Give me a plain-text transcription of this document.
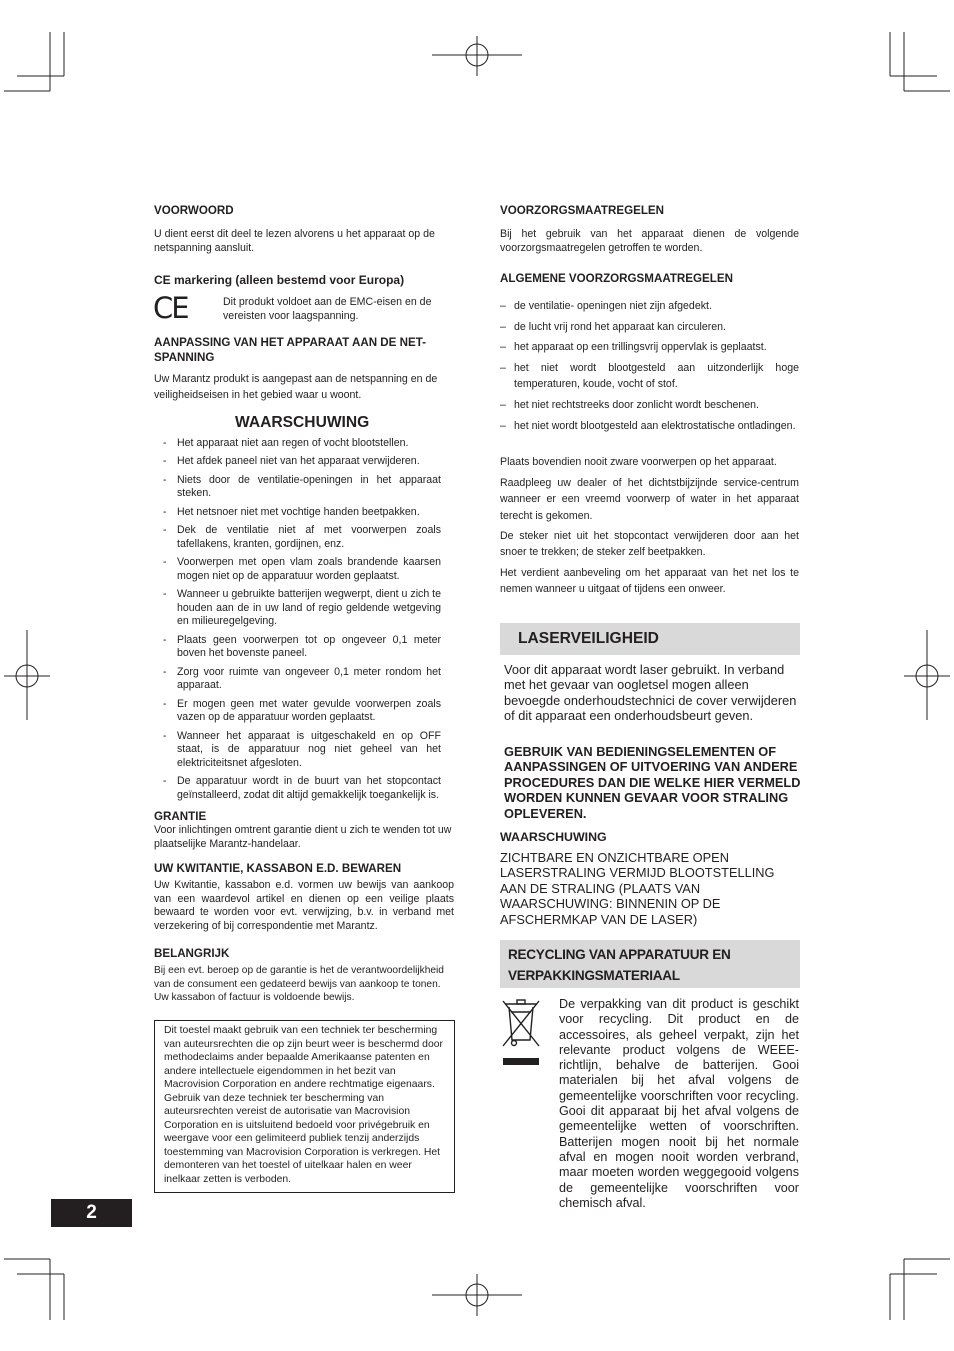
VOORWOORD
U dient eerst dit deel te lezen alvorens u het apparaat op de netspanning aansluit.
CE markering (alleen bestemd voor Europa)
CE	Dit produkt voldoet aan de EMC-eisen en de vereisten voor laagspanning.
AANPASSING VAN HET APPARAAT AAN DE NET-SPANNING
Uw Marantz produkt is aangepast aan de netspanning en de veiligheidseisen in het gebied waar u woont.
WAARSCHUWING
- Het apparaat niet aan regen of vocht blootstellen.
- Het afdek paneel niet van het apparaat verwijderen.
- Niets door de ventilatie-openingen in het apparaat steken.
- Het netsnoer niet met vochtige handen beetpakken.
- Dek de ventilatie niet af met voorwerpen zoals tafellakens, kranten, gordijnen, enz.
- Voorwerpen met open vlam zoals brandende kaarsen mogen niet op de apparatuur worden geplaatst.
- Wanneer u gebruikte batterijen wegwerpt, dient u zich te houden aan de in uw land of regio geldende wetgeving en milieuregelgeving.
- Plaats geen voorwerpen tot op ongeveer 0,1 meter boven het bovenste paneel.
- Zorg voor ruimte van ongeveer 0,1 meter rondom het apparaat.
- Er mogen geen met water gevulde voorwerpen zoals vazen op de apparatuur worden geplaatst.
- Wanneer het apparaat is uitgeschakeld en op OFF staat, is de apparatuur nog niet geheel van het elektriciteitsnet afgesloten.
- De apparatuur wordt in de buurt van het stopcontact geïnstalleerd, zodat dit altijd gemakkelijk toegankelijk is.
GRANTIE
Voor inlichtingen omtrent garantie dient u zich te wenden tot uw plaatselijke Marantz-handelaar.
UW KWITANTIE, KASSABON E.D. BEWAREN
Uw Kwitantie, kassabon e.d. vormen uw bewijs van aankoop van een waardevol artikel en dienen op een veilige plaats bewaard te worden voor evt. verwijzing, b.v. in verband met verzekering of bij correspondentie met Marantz.
BELANGRIJK
Bij een evt. beroep op de garantie is het de verantwoordelijkheid van de consument een gedateerd bewijs van aankoop te tonen. Uw kassabon of factuur is voldoende bewijs.
Dit toestel maakt gebruik van een techniek ter bescherming van auteursrechten die op zijn beurt weer is beschermd door methodeclaims ander bepaalde Amerikaanse patenten en andere intellectuele eigendommen in het bezit van Macrovision Corporation en andere rechtmatige eigenaars. Gebruik van deze techniek ter bescherming van auteursrechten vereist de autorisatie van Macrovision Corporation en is uitsluitend bedoeld voor privégebruik en weergave voor een gelimiteerd publiek tenzij anderzijds toestemming van Macrovision Corporation is verkregen. Het demonteren van het toestel of uitelkaar halen en weer inelkaar zetten is verboden.
2
VOORZORGSMAATREGELEN
Bij het gebruik van het apparaat dienen de volgende voorzorgsmaatregelen getroffen te worden.
ALGEMENE VOORZORGSMAATREGELEN
– de ventilatie- openingen niet zijn afgedekt.
– de lucht vrij rond het apparaat kan circuleren.
– het apparaat op een trillingsvrij oppervlak is geplaatst.
– het niet wordt blootgesteld aan uitzonderlijk hoge temperaturen, koude, vocht of stof.
– het niet rechtstreeks door zonlicht wordt beschenen.
– het niet wordt blootgesteld aan elektrostatische ontladingen.
Plaats bovendien nooit zware voorwerpen op het apparaat.
Raadpleeg uw dealer of het dichtstbijzijnde service-centrum wanneer er een vreemd voorwerp of water in het apparaat terecht is gekomen.
De steker niet uit het stopcontact verwijderen door aan het snoer te trekken; de steker zelf beetpakken.
Het verdient aanbeveling om het apparaat van het net los te nemen wanneer u uitgaat of tijdens een onweer.
LASERVEILIGHEID
Voor dit apparaat wordt laser gebruikt. In verband met het gevaar van oogletsel mogen alleen bevoegde onderhoudstechnici de cover verwijderen of dit apparaat een onderhoudsbeurt geven.
GEBRUIK VAN BEDIENINGSELEMENTEN OF AANPASSINGEN OF UITVOERING VAN ANDERE PROCEDURES DAN DIE WELKE HIER VERMELD WORDEN KUNNEN GEVAAR VOOR STRALING OPLEVEREN.
WAARSCHUWING
ZICHTBARE EN ONZICHTBARE OPEN LASERSTRALING VERMIJD BLOOTSTELLING AAN DE STRALING (PLAATS VAN WAARSCHUWING: BINNENIN OP DE AFSCHERMKAP VAN DE LASER)
RECYCLING VAN APPARATUUR EN
VERPAKKINGSMATERIAAL
De verpakking van dit product is geschikt voor recycling. Dit product en de accessoires, als geheel verpakt, zijn het relevante product volgens de WEEE-richtlijn, behalve de batterijen. Gooi materialen bij het afval volgens de gemeentelijke voorschriften voor recycling. Gooi dit apparaat bij het afval volgens de gemeentelijke wetten of voorschriften. Batterijen mogen nooit bij het normale afval en mogen nooit worden verbrand, maar moeten worden weggegooid volgens de gemeentelijke voorschriften voor chemisch afval.
